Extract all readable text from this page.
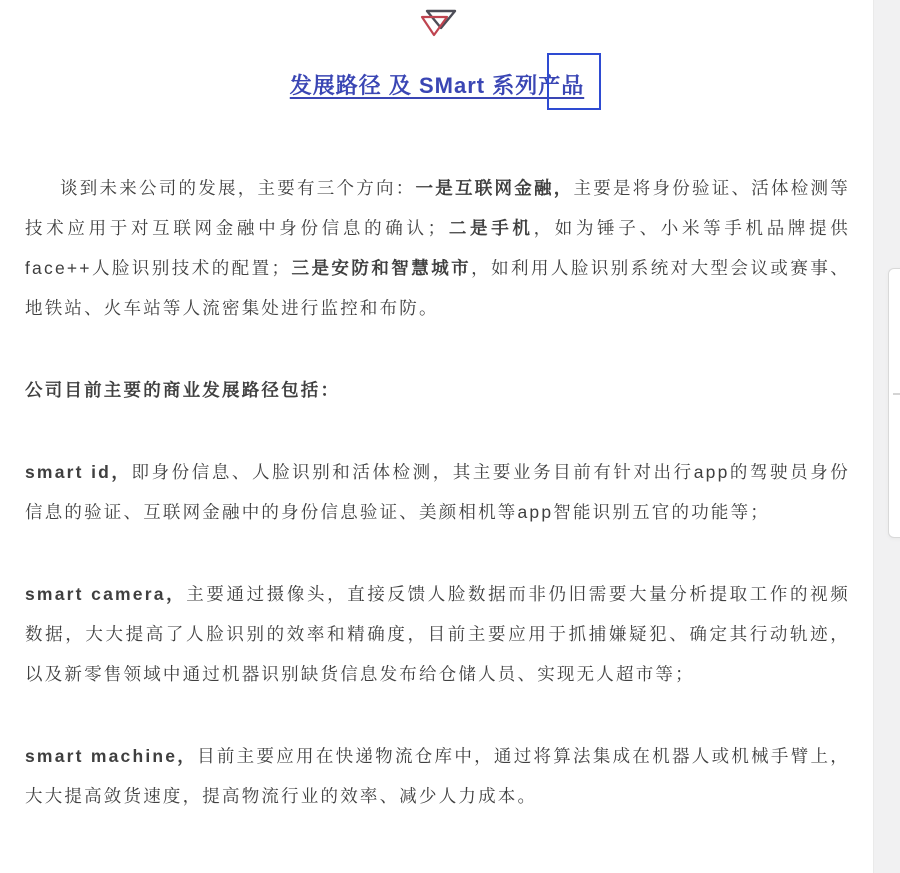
发展路径 及 SMart 系列产品

谈到未来公司的发展，主要有三个方向：一是互联网金融，主要是将身份验证、活体检测等技术应用于对互联网金融中身份信息的确认；二是手机，如为锤子、小米等手机品牌提供face++人脸识别技术的配置；三是安防和智慧城市，如利用人脸识别系统对大型会议或赛事、地铁站、火车站等人流密集处进行监控和布防。

公司目前主要的商业发展路径包括：

smart id，即身份信息、人脸识别和活体检测，其主要业务目前有针对出行app的驾驶员身份信息的验证、互联网金融中的身份信息验证、美颜相机等app智能识别五官的功能等；

smart camera，主要通过摄像头，直接反馈人脸数据而非仍旧需要大量分析提取工作的视频数据，大大提高了人脸识别的效率和精确度，目前主要应用于抓捕嫌疑犯、确定其行动轨迹，以及新零售领域中通过机器识别缺货信息发布给仓储人员、实现无人超市等；

smart machine，目前主要应用在快递物流仓库中，通过将算法集成在机器人或机械手臂上，大大提高敛货速度，提高物流行业的效率、减少人力成本。
